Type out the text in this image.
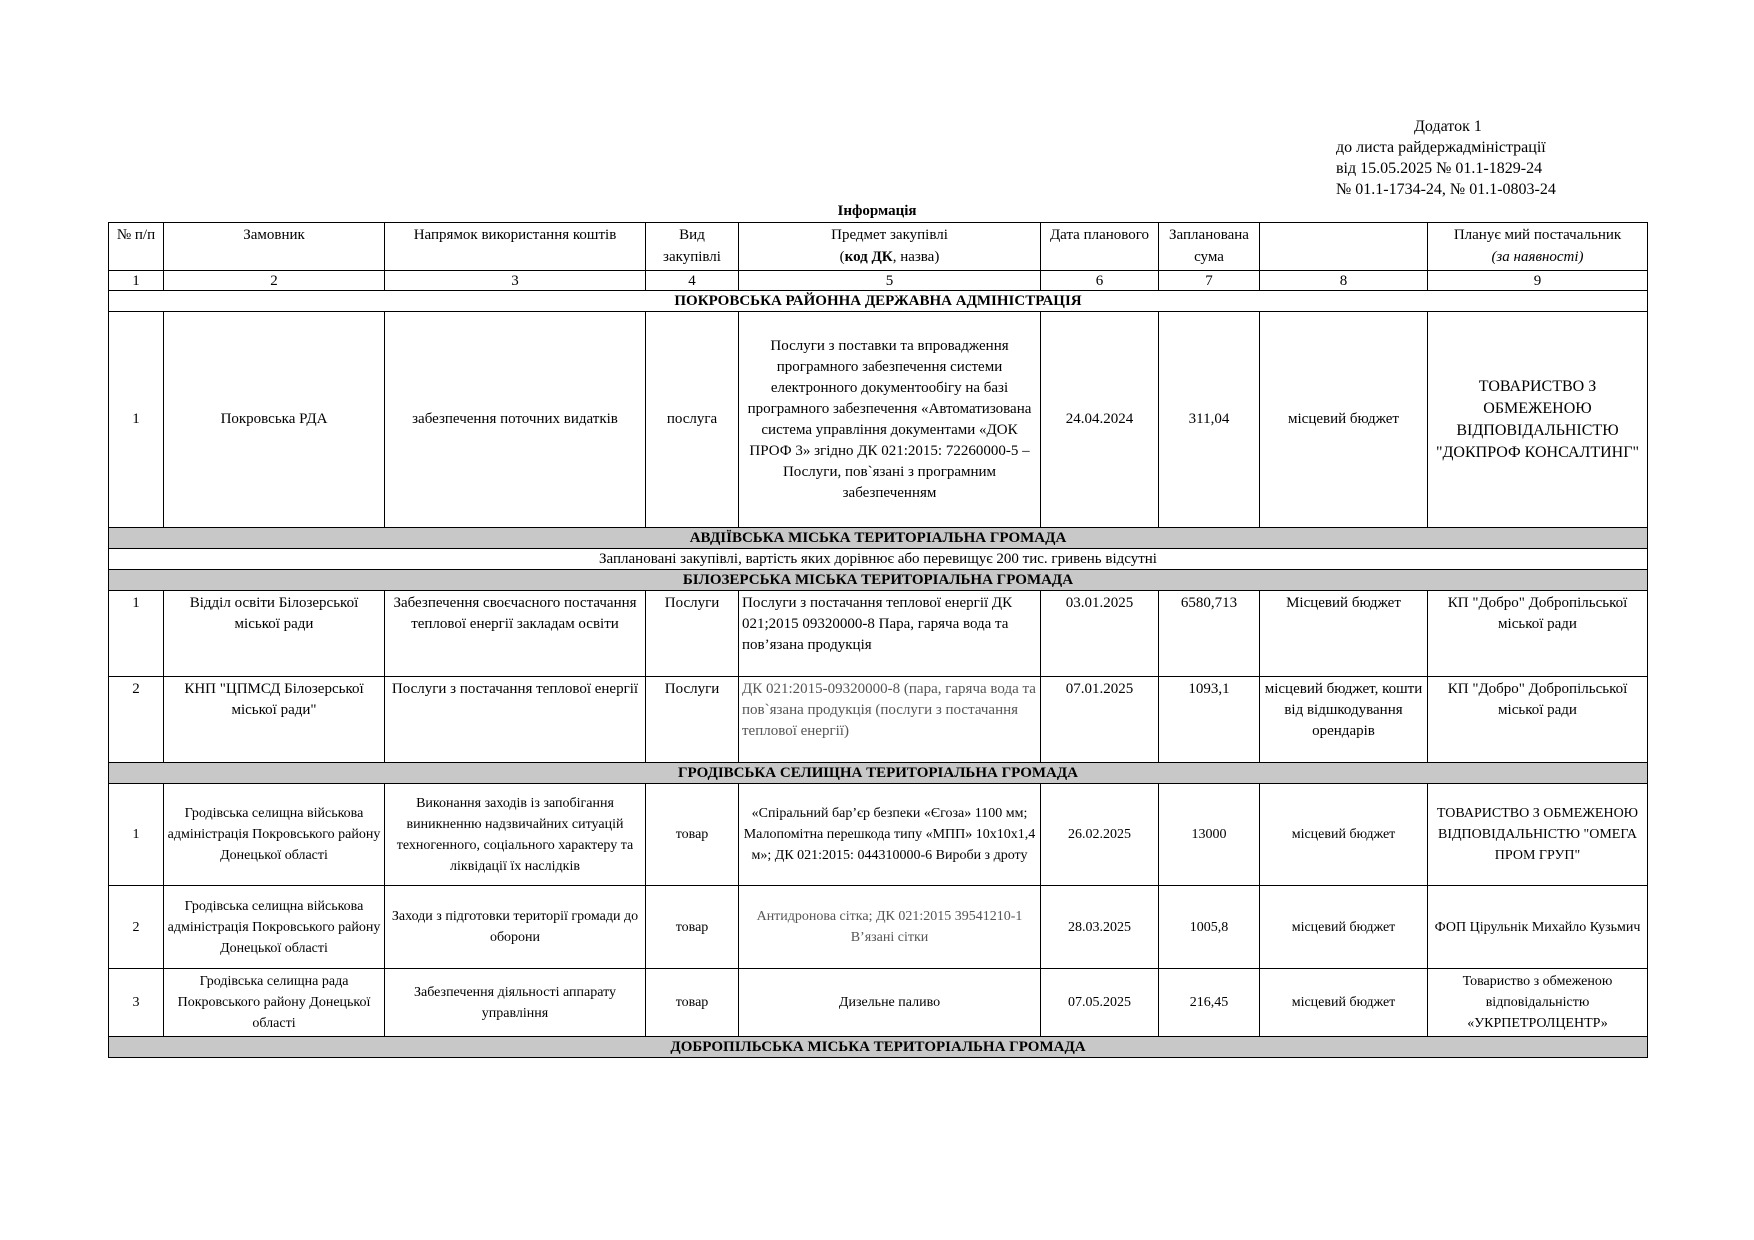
Додаток 1
до листа райдержадміністрації
від 15.05.2025 № 01.1-1829-24
№ 01.1-1734-24, № 01.1-0803-24
Інформація
№ п/п	Замовник	Напрямок використання коштів	Вид закупівлі	Предмет закупівлі
(код ДК, назва)	Дата планового	Запланована сума		Планує мий постачальник
(за наявності)
1	2	3	4	5	6	7	8	9
ПОКРОВСЬКА РАЙОННА ДЕРЖАВНА АДМІНІСТРАЦІЯ								
1	Покровська РДА	забезпечення поточних видатків	послуга	Послуги з поставки та впровадження програмного забезпечення системи електронного документообігу на базі програмного забезпечення «Автоматизована система управління документами «ДОК ПРОФ 3» згідно ДК 021:2015: 72260000-5 – Послуги, пов`язані з програмним забезпеченням	24.04.2024	311,04	місцевий бюджет	ТОВАРИСТВО З ОБМЕЖЕНОЮ ВІДПОВІДАЛЬНІСТЮ "ДОКПРОФ КОНСАЛТИНГ"
АВДІЇВСЬКА МІСЬКА ТЕРИТОРІАЛЬНА ГРОМАДА								
Заплановані закупівлі, вартість яких дорівнює або перевищує 200 тис. гривень відсутні								
БІЛОЗЕРСЬКА МІСЬКА ТЕРИТОРІАЛЬНА ГРОМАДА								
1	Відділ освіти Білозерської міської ради	Забезпечення своєчасного постачання теплової енергії закладам освіти	Послуги	Послуги з постачання теплової енергії ДК 021;2015 09320000-8 Пара, гаряча вода та пов’язана продукція	03.01.2025	6580,713	Місцевий бюджет	КП "Добро" Добропільської міської ради
2	КНП "ЦПМСД Білозерської міської ради"	Послуги з постачання теплової енергії	Послуги	ДК 021:2015-09320000-8 (пара, гаряча вода та пов`язана продукція (послуги з постачання теплової енергії)	07.01.2025	1093,1	місцевий бюджет, кошти від відшкодування орендарів	КП "Добро" Добропільської міської ради
ГРОДІВСЬКА СЕЛИЩНА ТЕРИТОРІАЛЬНА ГРОМАДА								
1	Гродівська селищна військова адміністрація Покровського району Донецької області	Виконання заходів із запобігання виникненню надзвичайних ситуацій техногенного, соціального характеру та ліквідації їх наслідків	товар	«Спіральний бар’єр безпеки «Єгоза» 1100 мм; Малопомітна перешкода типу «МПП» 10х10х1,4 м»; ДК 021:2015: 044310000-6 Вироби з дроту	26.02.2025	13000	місцевий бюджет	ТОВАРИСТВО З ОБМЕЖЕНОЮ ВІДПОВІДАЛЬНІСТЮ "ОМЕГА ПРОМ ГРУП"
2	Гродівська селищна військова адміністрація Покровського району Донецької області	Заходи з підготовки території громади до оборони	товар	Антидронова сітка; ДК 021:2015 39541210-1 В’язані сітки	28.03.2025	1005,8	місцевий бюджет	ФОП Цірульнік Михайло Кузьмич
3	Гродівська селищна рада Покровського району Донецької області	Забезпечення діяльності аппарату управління	товар	Дизельне паливо	07.05.2025	216,45	місцевий бюджет	Товариство з обмеженою відповідальністю «УКРПЕТРОЛЦЕНТР»
ДОБРОПІЛЬСЬКА МІСЬКА ТЕРИТОРІАЛЬНА ГРОМАДА								
